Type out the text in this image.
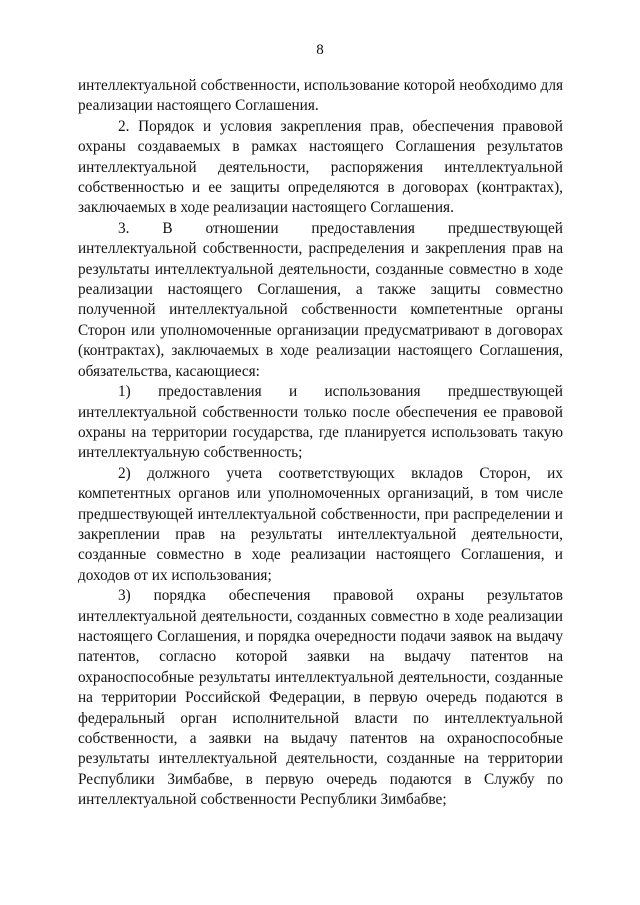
8

интеллектуальной собственности, использование которой необходимо для реализации настоящего Соглашения.

2. Порядок и условия закрепления прав, обеспечения правовой охраны создаваемых в рамках настоящего Соглашения результатов интеллектуальной деятельности, распоряжения интеллектуальной собственностью и ее защиты определяются в договорах (контрактах), заключаемых в ходе реализации настоящего Соглашения.

3. В отношении предоставления предшествующей интеллектуальной собственности, распределения и закрепления прав на результаты интеллектуальной деятельности, созданные совместно в ходе реализации настоящего Соглашения, а также защиты совместно полученной интеллектуальной собственности компетентные органы Сторон или уполномоченные организации предусматривают в договорах (контрактах), заключаемых в ходе реализации настоящего Соглашения, обязательства, касающиеся:

1) предоставления и использования предшествующей интеллектуальной собственности только после обеспечения ее правовой охраны на территории государства, где планируется использовать такую интеллектуальную собственность;

2) должного учета соответствующих вкладов Сторон, их компетентных органов или уполномоченных организаций, в том числе предшествующей интеллектуальной собственности, при распределении и закреплении прав на результаты интеллектуальной деятельности, созданные совместно в ходе реализации настоящего Соглашения, и доходов от их использования;

3) порядка обеспечения правовой охраны результатов интеллектуальной деятельности, созданных совместно в ходе реализации настоящего Соглашения, и порядка очередности подачи заявок на выдачу патентов, согласно которой заявки на выдачу патентов на охраноспособные результаты интеллектуальной деятельности, созданные на территории Российской Федерации, в первую очередь подаются в федеральный орган исполнительной власти по интеллектуальной собственности, а заявки на выдачу патентов на охраноспособные результаты интеллектуальной деятельности, созданные на территории Республики Зимбабве, в первую очередь подаются в Службу по интеллектуальной собственности Республики Зимбабве;
